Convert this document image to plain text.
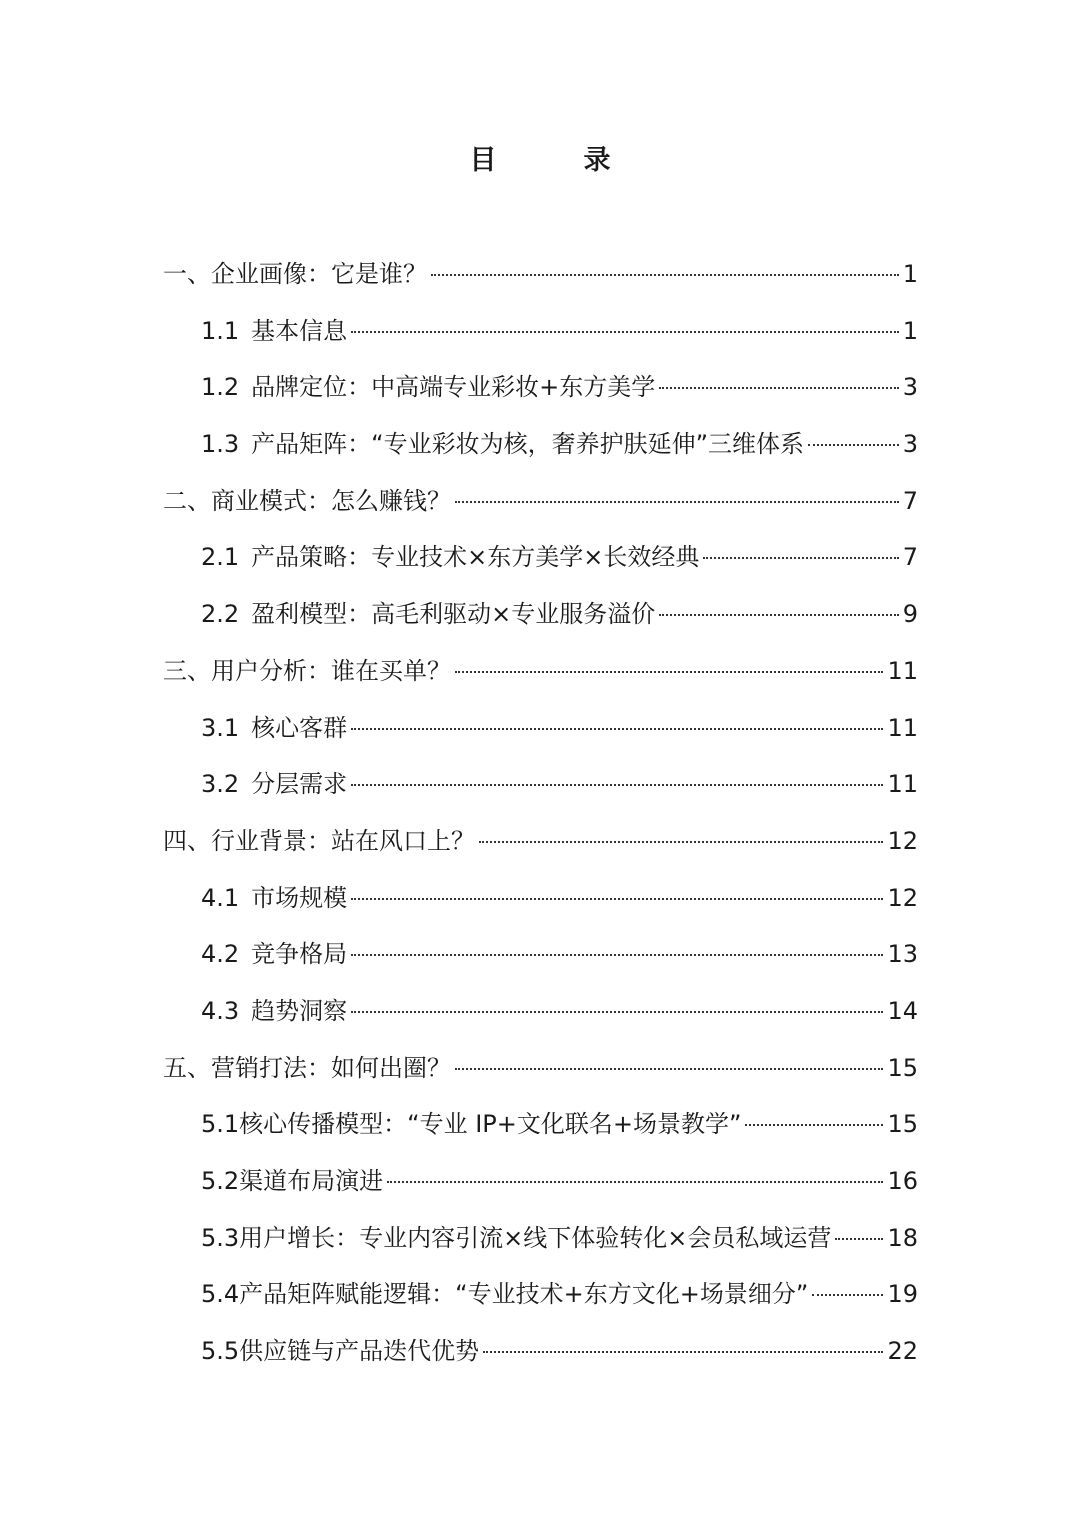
目　录
一、企业画像：它是谁？	1
1.1 基本信息	1
1.2 品牌定位：中高端专业彩妆+东方美学	3
1.3 产品矩阵：“专业彩妆为核，奢养护肤延伸”三维体系	3
二、商业模式：怎么赚钱？	7
2.1 产品策略：专业技术×东方美学×长效经典	7
2.2 盈利模型：高毛利驱动×专业服务溢价	9
三、用户分析：谁在买单？	11
3.1 核心客群	11
3.2 分层需求	11
四、行业背景：站在风口上？	12
4.1 市场规模	12
4.2 竞争格局	13
4.3 趋势洞察	14
五、营销打法：如何出圈？	15
5.1 核心传播模型：“专业 IP+文化联名+场景教学”	15
5.2 渠道布局演进	16
5.3 用户增长：专业内容引流×线下体验转化×会员私域运营 18
5.4 产品矩阵赋能逻辑：“专业技术+东方文化+场景细分”	19
5.5 供应链与产品迭代优势	22
